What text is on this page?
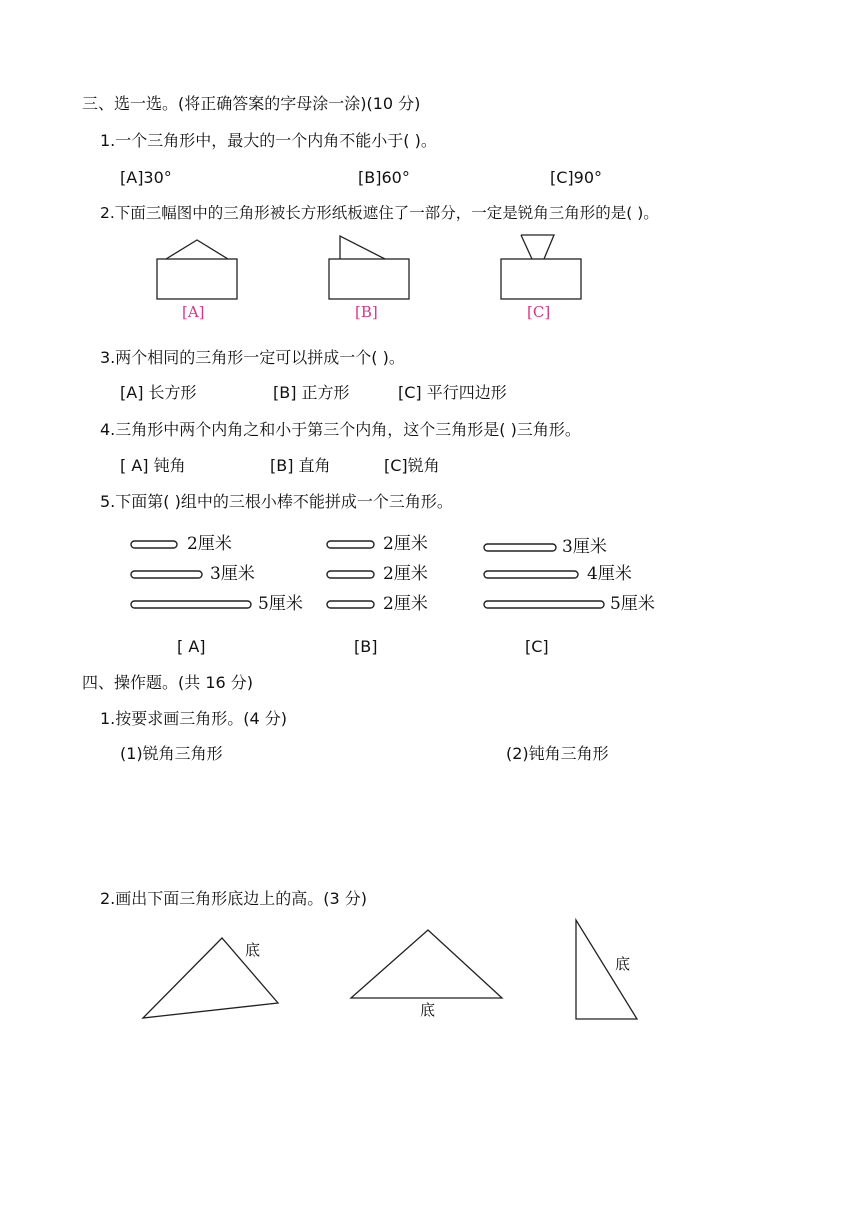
三、选一选。(将正确答案的字母涂一涂)(10 分)
1.一个三角形中，最大的一个内角不能小于( )。
[A]30°	[B]60°	[C]90°
2.下面三幅图中的三角形被长方形纸板遮住了一部分，一定是锐角三角形的是( )。
[A]	[B]	[C]
3.两个相同的三角形一定可以拼成一个( )。
[A] 长方形	[B] 正方形	[C] 平行四边形
4.三角形中两个内角之和小于第三个内角，这个三角形是( )三角形。
[ A] 钝角	[B] 直角	[C]锐角
5.下面第( )组中的三根小棒不能拼成一个三角形。
2厘米
3厘米
5厘米
2厘米
2厘米
2厘米
3厘米
4厘米
5厘米
[ A]	[B]	[C]
四、操作题。(共 16 分)
1.按要求画三角形。(4 分)
(1)锐角三角形	(2)钝角三角形
2.画出下面三角形底边上的高。(3 分)
底
底
底
